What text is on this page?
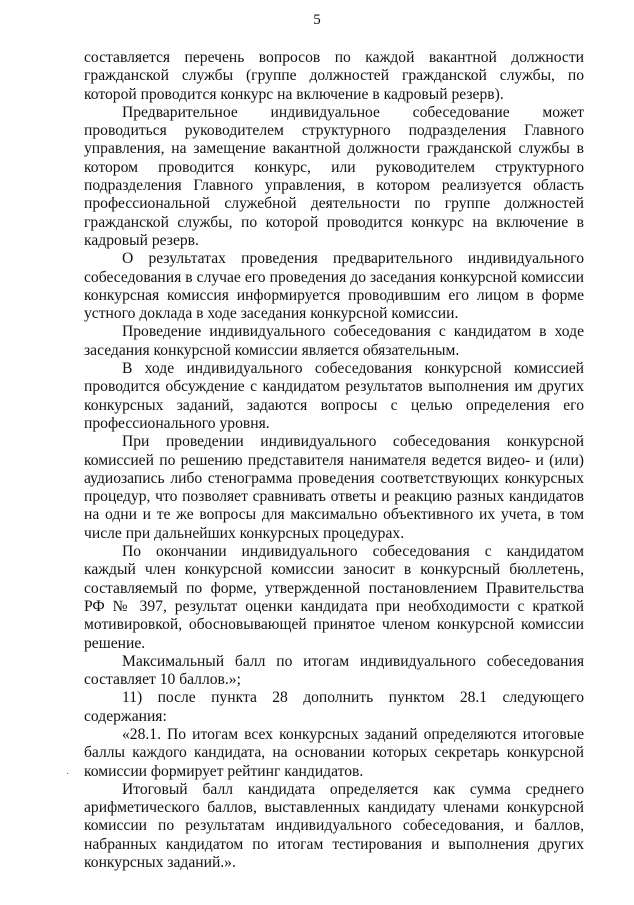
5

составляется перечень вопросов по каждой вакантной должности гражданской службы (группе должностей гражданской службы, по которой проводится конкурс на включение в кадровый резерв).

Предварительное индивидуальное собеседование может проводиться руководителем структурного подразделения Главного управления, на замещение вакантной должности гражданской службы в котором проводится конкурс, или руководителем структурного подразделения Главного управления, в котором реализуется область профессиональной служебной деятельности по группе должностей гражданской службы, по которой проводится конкурс на включение в кадровый резерв.

О результатах проведения предварительного индивидуального собеседования в случае его проведения до заседания конкурсной комиссии конкурсная комиссия информируется проводившим его лицом в форме устного доклада в ходе заседания конкурсной комиссии.

Проведение индивидуального собеседования с кандидатом в ходе заседания конкурсной комиссии является обязательным.

В ходе индивидуального собеседования конкурсной комиссией проводится обсуждение с кандидатом результатов выполнения им других конкурсных заданий, задаются вопросы с целью определения его профессионального уровня.

При проведении индивидуального собеседования конкурсной комиссией по решению представителя нанимателя ведется видео- и (или) аудиозапись либо стенограмма проведения соответствующих конкурсных процедур, что позволяет сравнивать ответы и реакцию разных кандидатов на одни и те же вопросы для максимально объективного их учета, в том числе при дальнейших конкурсных процедурах.

По окончании индивидуального собеседования с кандидатом каждый член конкурсной комиссии заносит в конкурсный бюллетень, составляемый по форме, утвержденной постановлением Правительства РФ № 397, результат оценки кандидата при необходимости с краткой мотивировкой, обосновывающей принятое членом конкурсной комиссии решение.

Максимальный балл по итогам индивидуального собеседования составляет 10 баллов.»;

11) после пункта 28 дополнить пунктом 28.1 следующего содержания:

«28.1. По итогам всех конкурсных заданий определяются итоговые баллы каждого кандидата, на основании которых секретарь конкурсной комиссии формирует рейтинг кандидатов.

Итоговый балл кандидата определяется как сумма среднего арифметического баллов, выставленных кандидату членами конкурсной комиссии по результатам индивидуального собеседования, и баллов, набранных кандидатом по итогам тестирования и выполнения других конкурсных заданий.».

·
